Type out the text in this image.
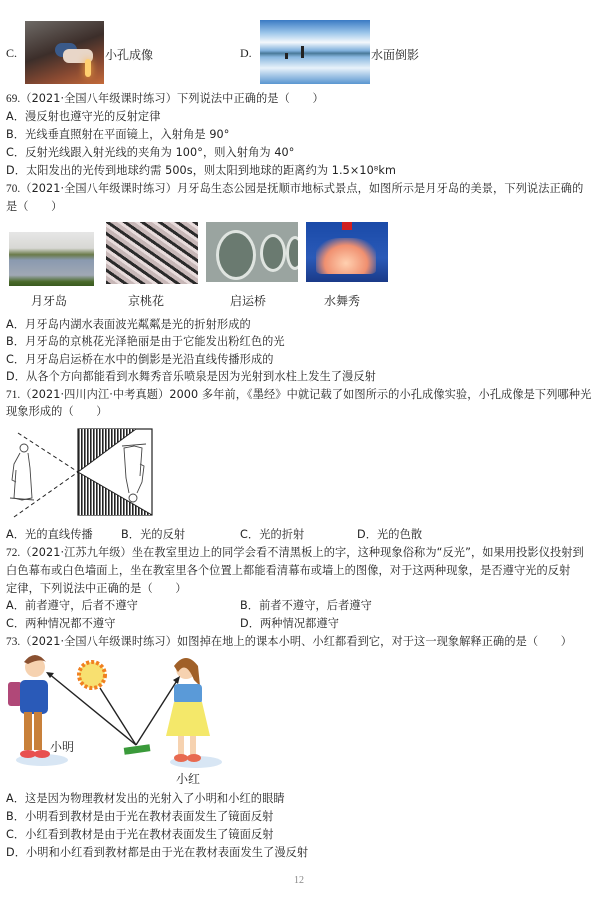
C.	小孔成像	D.	水面倒影
69.（2021·全国八年级课时练习）下列说法中正确的是（　　）
A．漫反射也遵守光的反射定律
B．光线垂直照射在平面镜上，入射角是 90°
C．反射光线跟入射光线的夹角为 100°，则入射角为 40°
D．太阳发出的光传到地球约需 500s，则太阳到地球的距离约为 1.5×10⁸km
70.（2021·全国八年级课时练习）月牙岛生态公园是抚顺市地标式景点，如图所示是月牙岛的美景，下列说法正确的
是（　　）
月牙岛	京桃花	启运桥	水舞秀
A．月牙岛内湖水表面波光粼粼是光的折射形成的
B．月牙岛的京桃花光泽艳丽是由于它能发出粉红色的光
C．月牙岛启运桥在水中的倒影是光沿直线传播形成的
D．从各个方向都能看到水舞秀音乐喷泉是因为光射到水柱上发生了漫反射
71.（2021·四川内江·中考真题）2000 多年前，《墨经》中就记载了如图所示的小孔成像实验，小孔成像是下列哪种光
现象形成的（　　）
A．光的直线传播	B．光的反射	C．光的折射	D．光的色散
72.（2021·江苏九年级）坐在教室里边上的同学会看不清黑板上的字，这种现象俗称为“反光”，如果用投影仪投射到
白色幕布或白色墙面上，坐在教室里各个位置上都能看清幕布或墙上的图像，对于这两种现象，是否遵守光的反射
定律，下列说法中正确的是（　　）
A．前者遵守，后者不遵守	B．前者不遵守，后者遵守
C．两种情况都不遵守	D．两种情况都遵守
73.（2021·全国八年级课时练习）如图掉在地上的课本小明、小红都看到它，对于这一现象解释正确的是（　　）
小明
小红
A．这是因为物理教材发出的光射入了小明和小红的眼睛
B．小明看到教材是由于光在教材表面发生了镜面反射
C．小红看到教材是由于光在教材表面发生了镜面反射
D．小明和小红看到教材都是由于光在教材表面发生了漫反射
12
